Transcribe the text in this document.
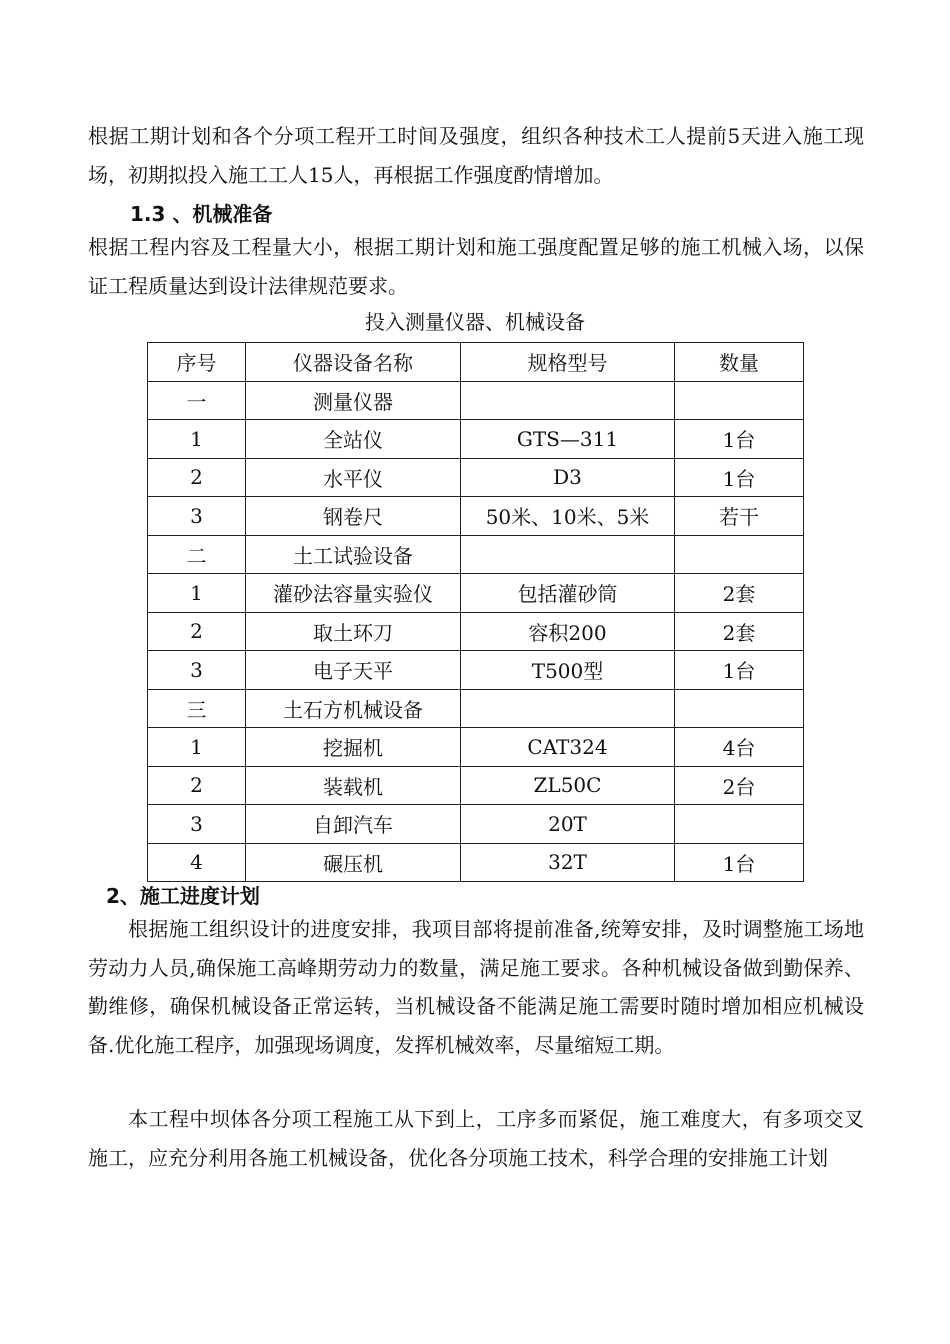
根据工期计划和各个分项工程开工时间及强度，组织各种技术工人提前5天进入施工现场，初期拟投入施工工人15人，再根据工作强度酌情增加。

1.3 、机械准备

根据工程内容及工程量大小，根据工期计划和施工强度配置足够的施工机械入场，以保证工程质量达到设计法律规范要求。

投入测量仪器、机械设备
序号	仪器设备名称	规格型号	数量
一	测量仪器		
1	全站仪	GTS—311	1台
2	水平仪	D3	1台
3	钢卷尺	50米、10米、5米	若干
二	土工试验设备		
1	灌砂法容量实验仪	包括灌砂筒	2套
2	取土环刀	容积200	2套
3	电子天平	T500型	1台
三	土石方机械设备		
1	挖掘机	CAT324	4台
2	装载机	ZL50C	2台
3	自卸汽车	20T	
4	碾压机	32T	1台
2、施工进度计划

根据施工组织设计的进度安排，我项目部将提前准备,统筹安排，及时调整施工场地劳动力人员,确保施工高峰期劳动力的数量，满足施工要求。各种机械设备做到勤保养、勤维修，确保机械设备正常运转，当机械设备不能满足施工需要时随时增加相应机械设备.优化施工程序，加强现场调度，发挥机械效率，尽量缩短工期。

本工程中坝体各分项工程施工从下到上，工序多而紧促，施工难度大，有多项交叉施工，应充分利用各施工机械设备，优化各分项施工技术，科学合理的安排施工计划
